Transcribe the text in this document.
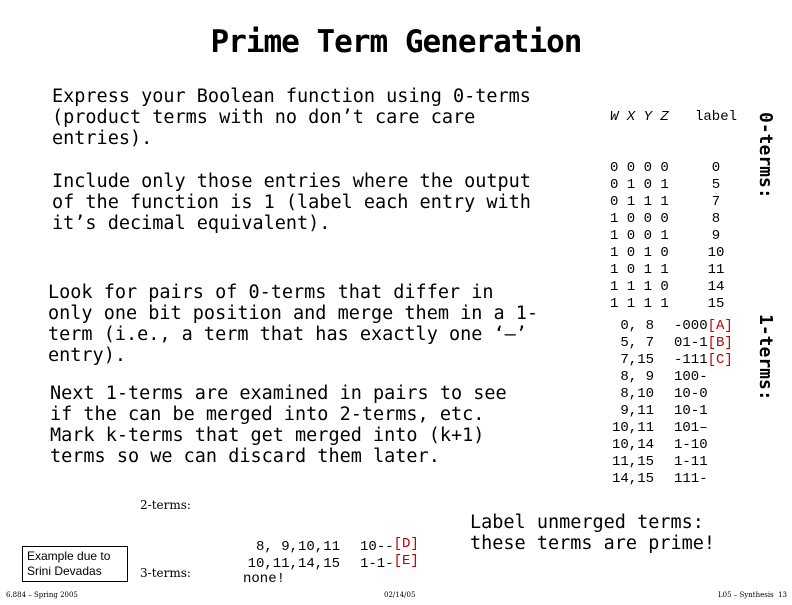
Prime Term Generation
Express your Boolean function using 0-terms (product terms with no don’t care care entries).
Include only those entries where the output of the function is 1 (label each entry with it’s decimal equivalent).
Look for pairs of 0-terms that differ in only one bit position and merge them in a 1-term (i.e., a term that has exactly one ‘–’ entry).
Next 1-terms are examined in pairs to see if the can be merged into 2-terms, etc. Mark k-terms that get merged into (k+1) terms so we can discard them later.
Label unmerged terms: these terms are prime!

W X Y Z label

0 0 0 0	0
0 1 0 1	5
0 1 1 1	7
1 0 0 0	8
1 0 0 1	9
1 0 1 0	10
1 0 1 1	11
1 1 1 0	14
1 1 1 1	15

0-terms:

0, 8 -000[A]
5, 7 01-1[B]
7,15 -111[C]
8, 9 100-
8,10 10-0
9,11 10-1
10,11 101–
10,14 1-10
11,15 1-11
14,15 111-

1-terms:
2-terms:

8, 9,10,11 10--[D]
10,11,14,15 1-1-[E]

3-terms:	none!
Example due to Srini Devadas
6.884 – Spring 2005	02/14/05	L05 – Synthesis  13
